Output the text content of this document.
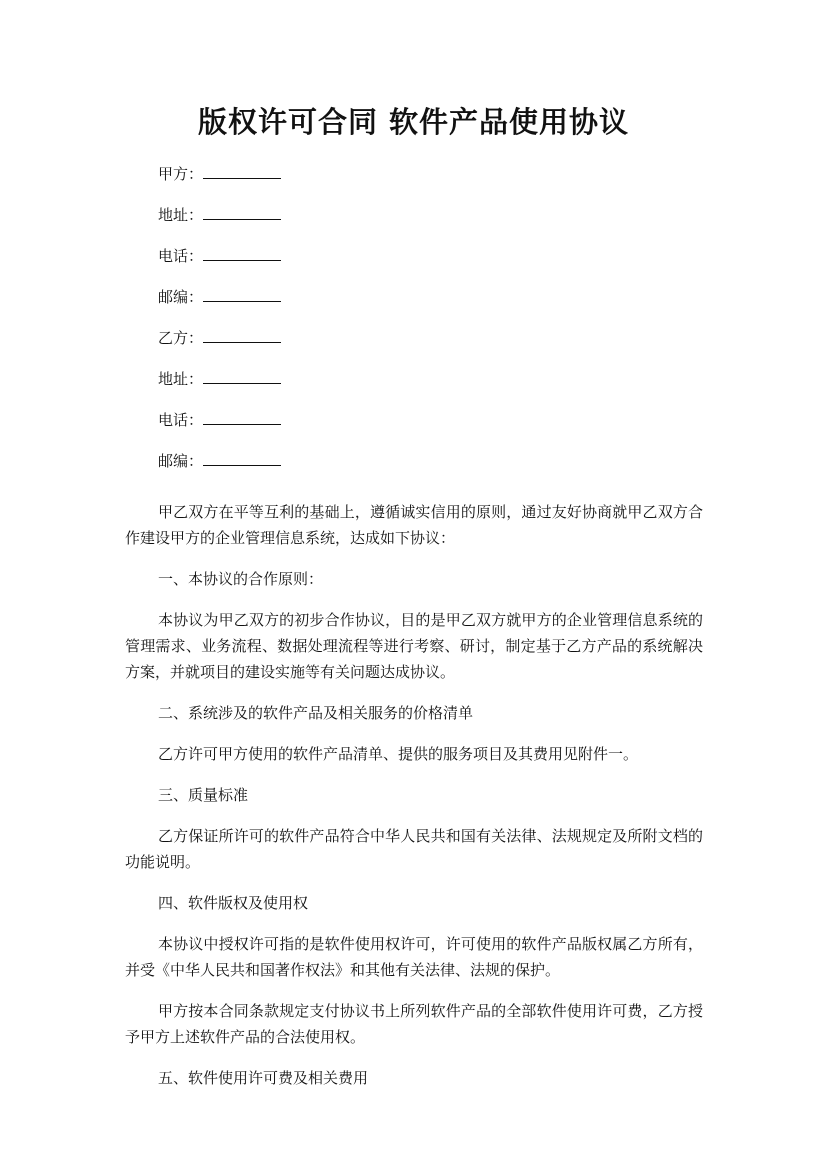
版权许可合同 软件产品使用协议
甲方：
地址：
电话：
邮编：
乙方：
地址：
电话：
邮编：

甲乙双方在平等互利的基础上，遵循诚实信用的原则，通过友好协商就甲乙双方合作建设甲方的企业管理信息系统，达成如下协议：

一、本协议的合作原则：

本协议为甲乙双方的初步合作协议，目的是甲乙双方就甲方的企业管理信息系统的管理需求、业务流程、数据处理流程等进行考察、研讨，制定基于乙方产品的系统解决方案，并就项目的建设实施等有关问题达成协议。

二、系统涉及的软件产品及相关服务的价格清单

乙方许可甲方使用的软件产品清单、提供的服务项目及其费用见附件一。

三、质量标准

乙方保证所许可的软件产品符合中华人民共和国有关法律、法规规定及所附文档的功能说明。

四、软件版权及使用权

本协议中授权许可指的是软件使用权许可，许可使用的软件产品版权属乙方所有，并受《中华人民共和国著作权法》和其他有关法律、法规的保护。

甲方按本合同条款规定支付协议书上所列软件产品的全部软件使用许可费，乙方授予甲方上述软件产品的合法使用权。

五、软件使用许可费及相关费用
